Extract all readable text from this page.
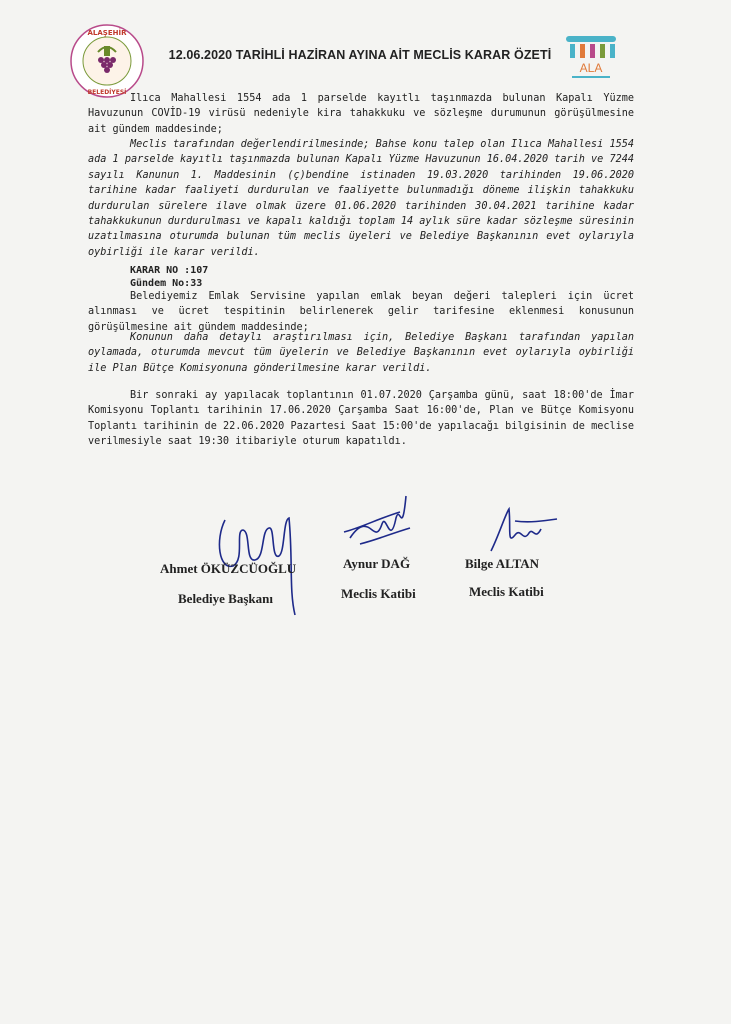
ALAŞEHİR
BELEDİYESİ
12.06.2020 TARİHLİ HAZİRAN AYINA AİT MECLİS KARAR ÖZETİ
ALA
Ilıca Mahallesi 1554 ada 1 parselde kayıtlı taşınmazda bulunan Kapalı Yüzme Havuzunun COVİD-19 virüsü nedeniyle kira tahakkuku ve sözleşme durumunun görüşülmesine ait gündem maddesinde;
Meclis tarafından değerlendirilmesinde; Bahse konu talep olan Ilıca Mahallesi 1554 ada 1 parselde kayıtlı taşınmazda bulunan Kapalı Yüzme Havuzunun 16.04.2020 tarih ve 7244 sayılı Kanunun 1. Maddesinin (ç)bendine istinaden 19.03.2020 tarihinden 19.06.2020 tarihine kadar faaliyeti durdurulan ve faaliyette bulunmadığı döneme ilişkin tahakkuku durdurulan sürelere ilave olmak üzere 01.06.2020 tarihinden 30.04.2021 tarihine kadar tahakkukunun durdurulması ve kapalı kaldığı toplam 14 aylık süre kadar sözleşme süresinin uzatılmasına oturumda bulunan tüm meclis üyeleri ve Belediye Başkanının evet oylarıyla oybirliği ile karar verildi.
KARAR NO :107
Gündem No:33
Belediyemiz Emlak Servisine yapılan emlak beyan değeri talepleri için ücret alınması ve ücret tespitinin belirlenerek gelir tarifesine eklenmesi konusunun görüşülmesine ait gündem maddesinde;
Konunun daha detaylı araştırılması için, Belediye Başkanı tarafından yapılan oylamada, oturumda mevcut tüm üyelerin ve Belediye Başkanının evet oylarıyla oybirliği ile Plan Bütçe Komisyonuna gönderilmesine karar verildi.
Bir sonraki ay yapılacak toplantının 01.07.2020 Çarşamba günü, saat 18:00'de İmar Komisyonu Toplantı tarihinin 17.06.2020 Çarşamba Saat 16:00'de, Plan ve Bütçe Komisyonu Toplantı tarihinin de 22.06.2020 Pazartesi Saat 15:00'de yapılacağı bilgisinin de meclise verilmesiyle saat 19:30 itibariyle oturum kapatıldı.
Ahmet ÖKÜZCÜOĞLU
Belediye Başkanı
Aynur DAĞ
Meclis Katibi
Bilge ALTAN
Meclis Katibi
